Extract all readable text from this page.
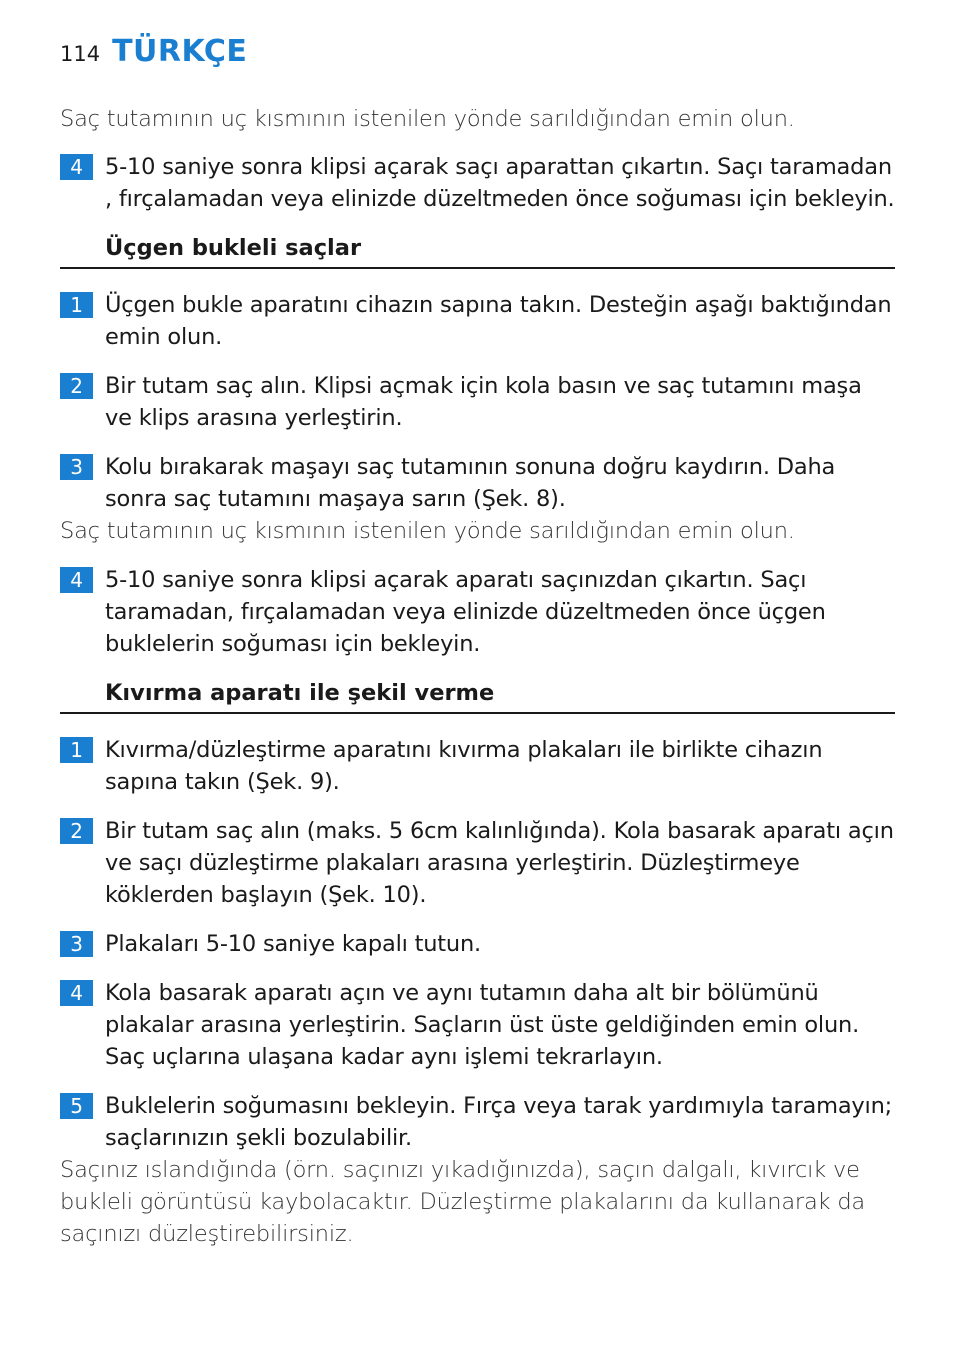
114 TÜRKÇE

Saç tutamının uç kısmının istenilen yönde sarıldığından emin olun.

4 5-10 saniye sonra klipsi açarak saçı aparattan çıkartın. Saçı taramadan , fırçalamadan veya elinizde düzeltmeden önce soğuması için bekleyin.

Üçgen bukleli saçlar

1 Üçgen bukle aparatını cihazın sapına takın. Desteğin aşağı baktığından emin olun.

2 Bir tutam saç alın. Klipsi açmak için kola basın ve saç tutamını maşa ve klips arasına yerleştirin.

3 Kolu bırakarak maşayı saç tutamının sonuna doğru kaydırın. Daha sonra saç tutamını maşaya sarın (Şek. 8).

Saç tutamının uç kısmının istenilen yönde sarıldığından emin olun.

4 5-10 saniye sonra klipsi açarak aparatı saçınızdan çıkartın. Saçı taramadan, fırçalamadan veya elinizde düzeltmeden önce üçgen buklelerin soğuması için bekleyin.

Kıvırma aparatı ile şekil verme

1 Kıvırma/düzleştirme aparatını kıvırma plakaları ile birlikte cihazın sapına takın (Şek. 9).

2 Bir tutam saç alın (maks. 5 6cm kalınlığında). Kola basarak aparatı açın ve saçı düzleştirme plakaları arasına yerleştirin. Düzleştirmeye köklerden başlayın (Şek. 10).

3 Plakaları 5-10 saniye kapalı tutun.

4 Kola basarak aparatı açın ve aynı tutamın daha alt bir bölümünü plakalar arasına yerleştirin. Saçların üst üste geldiğinden emin olun. Saç uçlarına ulaşana kadar aynı işlemi tekrarlayın.

5 Buklelerin soğumasını bekleyin. Fırça veya tarak yardımıyla taramayın; saçlarınızın şekli bozulabilir.

Saçınız ıslandığında (örn. saçınızı yıkadığınızda), saçın dalgalı, kıvırcık ve bukleli görüntüsü kaybolacaktır. Düzleştirme plakalarını da kullanarak da saçınızı düzleştirebilirsiniz.
